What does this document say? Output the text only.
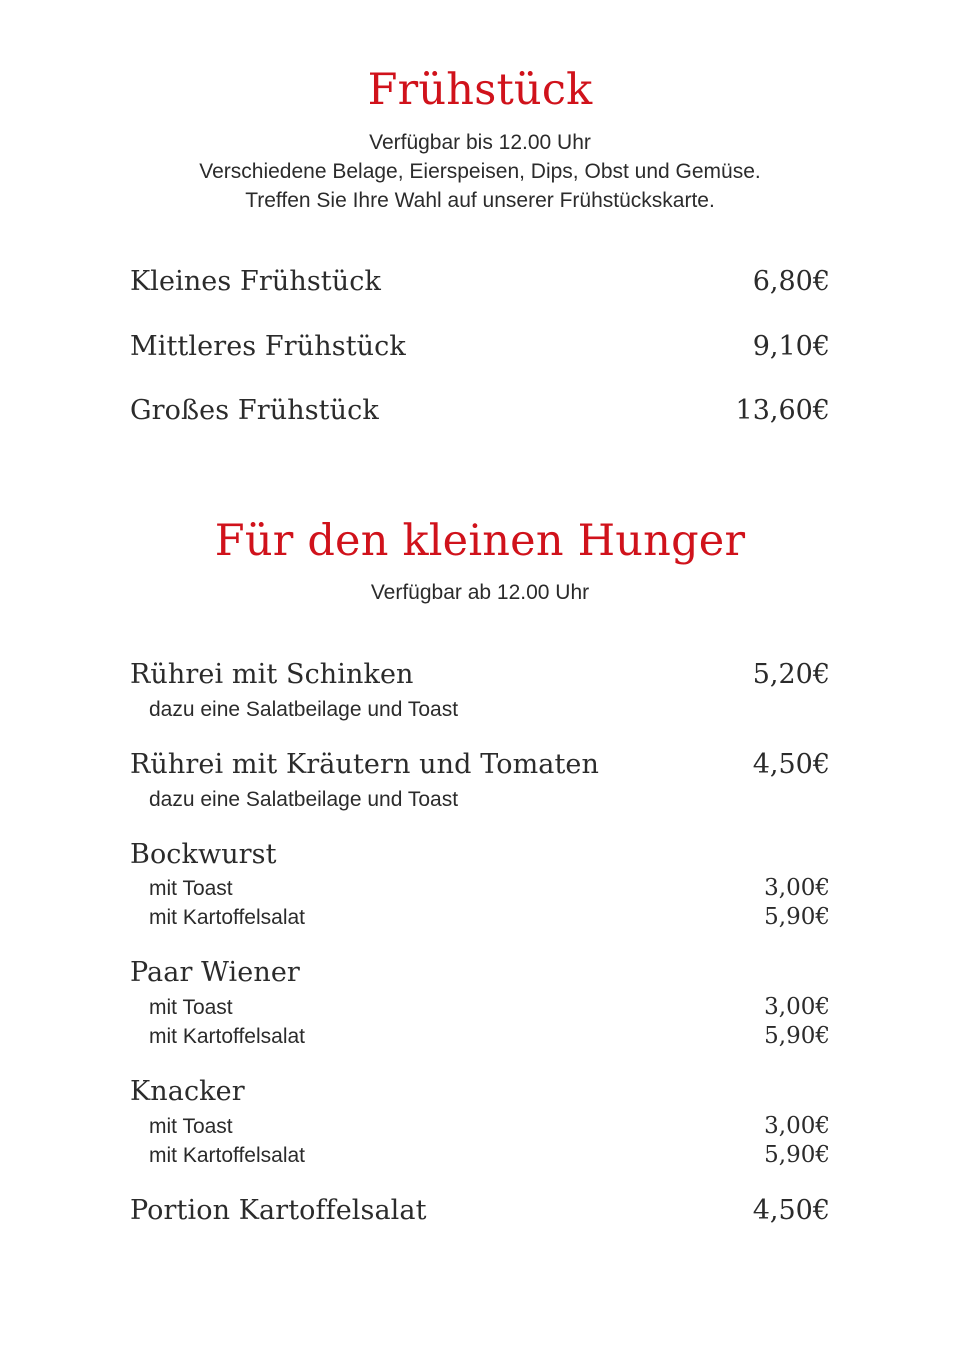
Frühstück
Verfügbar bis 12.00 Uhr
Verschiedene Belage, Eierspeisen, Dips, Obst und Gemüse.
Treffen Sie Ihre Wahl auf unserer Frühstückskarte.
Kleines Frühstück	6,80€
Mittleres Frühstück	9,10€
Großes Frühstück	13,60€
Für den kleinen Hunger
Verfügbar ab 12.00 Uhr
Rührei mit Schinken	5,20€
dazu eine Salatbeilage und Toast
Rührei mit Kräutern und Tomaten	4,50€
dazu eine Salatbeilage und Toast
Bockwurst
mit Toast	3,00€
mit Kartoffelsalat	5,90€
Paar Wiener
mit Toast	3,00€
mit Kartoffelsalat	5,90€
Knacker
mit Toast	3,00€
mit Kartoffelsalat	5,90€
Portion Kartoffelsalat	4,50€
